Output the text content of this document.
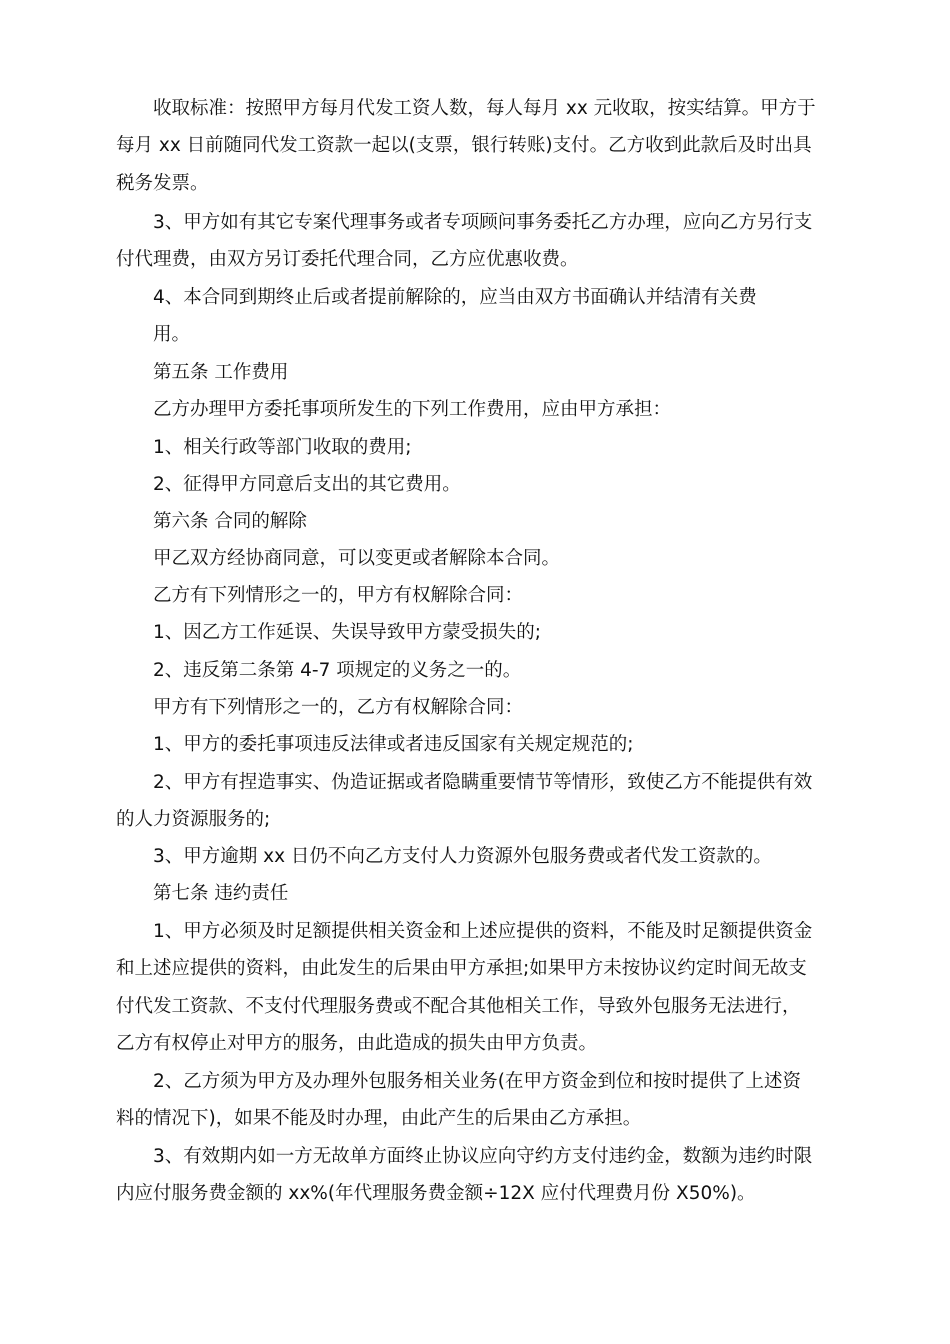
收取标准：按照甲方每月代发工资人数，每人每月 xx 元收取，按实结算。甲方于
每月 xx 日前随同代发工资款一起以(支票，银行转账)支付。乙方收到此款后及时出具
税务发票。
3、甲方如有其它专案代理事务或者专项顾问事务委托乙方办理，应向乙方另行支
付代理费，由双方另订委托代理合同，乙方应优惠收费。
4、本合同到期终止后或者提前解除的，应当由双方书面确认并结清有关费
用。
第五条 工作费用
乙方办理甲方委托事项所发生的下列工作费用，应由甲方承担：
1、相关行政等部门收取的费用;
2、征得甲方同意后支出的其它费用。
第六条 合同的解除
甲乙双方经协商同意，可以变更或者解除本合同。
乙方有下列情形之一的，甲方有权解除合同：
1、因乙方工作延误、失误导致甲方蒙受损失的;
2、违反第二条第 4-7 项规定的义务之一的。
甲方有下列情形之一的，乙方有权解除合同：
1、甲方的委托事项违反法律或者违反国家有关规定规范的;
2、甲方有捏造事实、伪造证据或者隐瞒重要情节等情形，致使乙方不能提供有效
的人力资源服务的;
3、甲方逾期 xx 日仍不向乙方支付人力资源外包服务费或者代发工资款的。
第七条 违约责任
1、甲方必须及时足额提供相关资金和上述应提供的资料，不能及时足额提供资金
和上述应提供的资料，由此发生的后果由甲方承担;如果甲方未按协议约定时间无故支
付代发工资款、不支付代理服务费或不配合其他相关工作，导致外包服务无法进行，
乙方有权停止对甲方的服务，由此造成的损失由甲方负责。
2、乙方须为甲方及办理外包服务相关业务(在甲方资金到位和按时提供了上述资
料的情况下)，如果不能及时办理，由此产生的后果由乙方承担。
3、有效期内如一方无故单方面终止协议应向守约方支付违约金，数额为违约时限
内应付服务费金额的 xx%(年代理服务费金额÷12X 应付代理费月份 X50%)。
